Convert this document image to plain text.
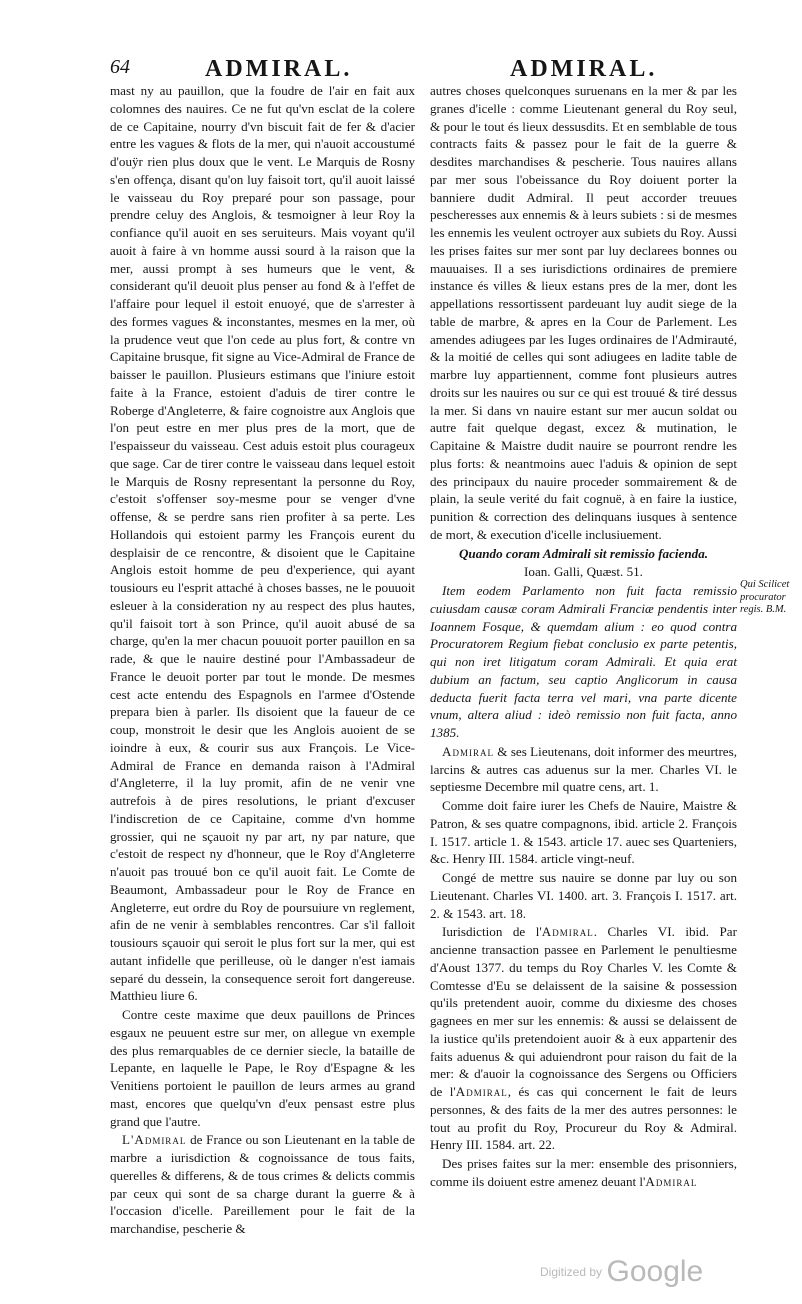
64	ADMIRAL.	ADMIRAL.

mast ny au pauillon, que la foudre de l'air en fait aux colomnes des nauires. Ce ne fut qu'vn esclat de la colere de ce Capitaine, nourry d'vn biscuit fait de fer & d'acier entre les vagues & flots de la mer, qui n'auoit accoustumé d'ouÿr rien plus doux que le vent. Le Marquis de Rosny s'en offença, disant qu'on luy faisoit tort, qu'il auoit laissé le vaisseau du Roy preparé pour son passage, pour prendre celuy des Anglois, & tesmoigner à leur Roy la confiance qu'il auoit en ses seruiteurs. Mais voyant qu'il auoit à faire à vn homme aussi sourd à la raison que la mer, aussi prompt à ses humeurs que le vent, & considerant qu'il deuoit plus penser au fond & à l'effet de l'affaire pour lequel il estoit enuoyé, que de s'arrester à des formes vagues & inconstantes, mesmes en la mer, où la prudence veut que l'on cede au plus fort, & contre vn Capitaine brusque, fit signe au Vice-Admiral de France de baisser le pauillon. Plusieurs estimans que l'iniure estoit faite à la France, estoient d'aduis de tirer contre le Roberge d'Angleterre, & faire cognoistre aux Anglois que l'on peut estre en mer plus pres de la mort, que de l'espaisseur du vaisseau. Cest aduis estoit plus courageux que sage. Car de tirer contre le vaisseau dans lequel estoit le Marquis de Rosny representant la personne du Roy, c'estoit s'offenser soy-mesme pour se venger d'vne offense, & se perdre sans rien profiter à sa perte. Les Hollandois qui estoient parmy les François eurent du desplaisir de ce rencontre, & disoient que le Capitaine Anglois estoit homme de peu d'experience, qui ayant tousiours eu l'esprit attaché à choses basses, ne le pouuoit esleuer à la consideration ny au respect des plus hautes, qu'il faisoit tort à son Prince, qu'il auoit abusé de sa charge, qu'en la mer chacun pouuoit porter pauillon en sa rade, & que le nauire destiné pour l'Ambassadeur de France le deuoit porter par tout le monde. De mesmes cest acte entendu des Espagnols en l'armee d'Ostende prepara bien à parler. Ils disoient que la faueur de ce coup, monstroit le desir que les Anglois auoient de se ioindre à eux, & courir sus aux François. Le Vice-Admiral de France en demanda raison à l'Admiral d'Angleterre, il la luy promit, afin de ne venir vne autrefois à de pires resolutions, le priant d'excuser l'indiscretion de ce Capitaine, comme d'vn homme grossier, qui ne sçauoit ny par art, ny par nature, que c'estoit de respect ny d'honneur, que le Roy d'Angleterre n'auoit pas trouué bon ce qu'il auoit fait. Le Comte de Beaumont, Ambassadeur pour le Roy de France en Angleterre, eut ordre du Roy de poursuiure vn reglement, afin de ne venir à semblables rencontres. Car s'il falloit tousiours sçauoir qui seroit le plus fort sur la mer, qui est autant infidelle que perilleuse, où le danger n'est iamais separé du dessein, la consequence seroit fort dangereuse. Matthieu liure 6.

Contre ceste maxime que deux pauillons de Princes esgaux ne peuuent estre sur mer, on allegue vn exemple des plus remarquables de ce dernier siecle, la bataille de Lepante, en laquelle le Pape, le Roy d'Espagne & les Venitiens portoient le pauillon de leurs armes au grand mast, encores que quelqu'vn d'eux pensast estre plus grand que l'autre.

L'Admiral de France ou son Lieutenant en la table de marbre a iurisdiction & cognoissance de tous faits, querelles & differens, & de tous crimes & delicts commis par ceux qui sont de sa charge durant la guerre & à l'occasion d'icelle. Pareillement pour le fait de la marchandise, pescherie &

autres choses quelconques suruenans en la mer & par les granes d'icelle : comme Lieutenant general du Roy seul, & pour le tout és lieux dessusdits. Et en semblable de tous contracts faits & passez pour le fait de la guerre & desdites marchandises & pescherie. Tous nauires allans par mer sous l'obeissance du Roy doiuent porter la banniere dudit Admiral. Il peut accorder treuues pescheresses aux ennemis & à leurs subiets : si de mesmes les ennemis les veulent octroyer aux subiets du Roy. Aussi les prises faites sur mer sont par luy declarees bonnes ou mauuaises. Il a ses iurisdictions ordinaires de premiere instance és villes & lieux estans pres de la mer, dont les appellations ressortissent pardeuant luy audit siege de la table de marbre, & apres en la Cour de Parlement. Les amendes adiugees par les Iuges ordinaires de l'Admirauté, & la moitié de celles qui sont adiugees en ladite table de marbre luy appartiennent, comme font plusieurs autres droits sur les nauires ou sur ce qui est trouué & tiré dessus la mer. Si dans vn nauire estant sur mer aucun soldat ou autre fait quelque degast, excez & mutination, le Capitaine & Maistre dudit nauire se pourront rendre les plus forts: & neantmoins auec l'aduis & opinion de sept des principaux du nauire proceder sommairement & de plain, la seule verité du fait cognuë, à en faire la iustice, punition & correction des delinquans iusques à sentence de mort, & execution d'icelle inclusiuement.

Quando coram Admirali sit remissio facienda.

Ioan. Galli, Quæst. 51.

Item eodem Parlamento non fuit facta remissio cuiusdam causæ coram Admirali Franciæ pendentis inter Ioannem Fosque, & quemdam alium : eo quod contra Procuratorem Regium fiebat conclusio ex parte petentis, qui non iret litigatum coram Admirali. Et quia erat dubium an factum, seu captio Anglicorum in causa deducta fuerit facta terra vel mari, vna parte dicente vnum, altera aliud : ideò remissio non fuit facta, anno 1385.

Admiral & ses Lieutenans, doit informer des meurtres, larcins & autres cas aduenus sur la mer. Charles VI. le septiesme Decembre mil quatre cens, art. 1.

Comme doit faire iurer les Chefs de Nauire, Maistre & Patron, & ses quatre compagnons, ibid. article 2. François I. 1517. article 1. & 1543. article 17. auec ses Quarteniers, &c. Henry III. 1584. article vingt-neuf.

Congé de mettre sus nauire se donne par luy ou son Lieutenant. Charles VI. 1400. art. 3. François I. 1517. art. 2. & 1543. art. 18.

Iurisdiction de l'Admiral. Charles VI. ibid. Par ancienne transaction passee en Parlement le penultiesme d'Aoust 1377. du temps du Roy Charles V. les Comte & Comtesse d'Eu se delaissent de la saisine & possession qu'ils pretendent auoir, comme du dixiesme des choses gagnees en mer sur les ennemis: & aussi se delaissent de la iustice qu'ils pretendoient auoir & à eux appartenir des faits aduenus & qui aduiendront pour raison du fait de la mer: & d'auoir la cognoissance des Sergens ou Officiers de l'Admiral, és cas qui concernent le fait de leurs personnes, & des faits de la mer des autres personnes: le tout au profit du Roy, Procureur du Roy & Admiral. Henry III. 1584. art. 22.

Des prises faites sur la mer: ensemble des prisonniers, comme ils doiuent estre amenez deuant l'Admiral

Qui Scilicet procurator regis. B.M.
Digitized by Google
